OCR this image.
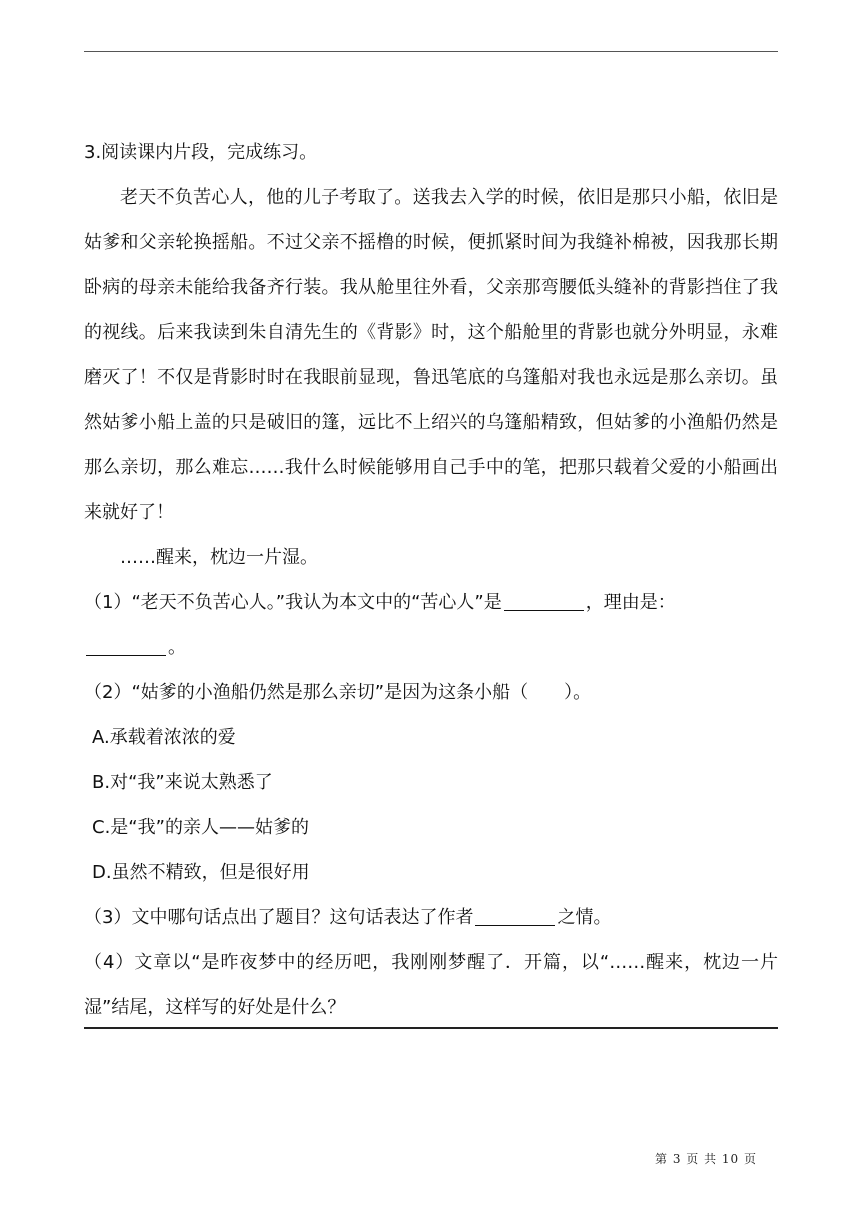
3.阅读课内片段，完成练习。

老天不负苦心人，他的儿子考取了。送我去入学的时候，依旧是那只小船，依旧是姑爹和父亲轮换摇船。不过父亲不摇橹的时候，便抓紧时间为我缝补棉被，因我那长期卧病的母亲未能给我备齐行装。我从舱里往外看，父亲那弯腰低头缝补的背影挡住了我的视线。后来我读到朱自清先生的《背影》时，这个船舱里的背影也就分外明显，永难磨灭了！不仅是背影时时在我眼前显现，鲁迅笔底的乌篷船对我也永远是那么亲切。虽然姑爹小船上盖的只是破旧的篷，远比不上绍兴的乌篷船精致，但姑爹的小渔船仍然是那么亲切，那么难忘……我什么时候能够用自己手中的笔，把那只载着父爱的小船画出来就好了！

……醒来，枕边一片湿。

（1）“老天不负苦心人。”我认为本文中的“苦心人”是	，理由是：

。

（2）“姑爹的小渔船仍然是那么亲切”是因为这条小船（　　）。

A.承载着浓浓的爱

B.对“我”来说太熟悉了

C.是“我”的亲人——姑爹的

D.虽然不精致，但是很好用

（3）文中哪句话点出了题目？这句话表达了作者	之情。

（4）文章以“是昨夜梦中的经历吧，我刚刚梦醒了．开篇，以“……醒来，枕边一片湿”结尾，这样写的好处是什么？

第 3 页 共 10 页
